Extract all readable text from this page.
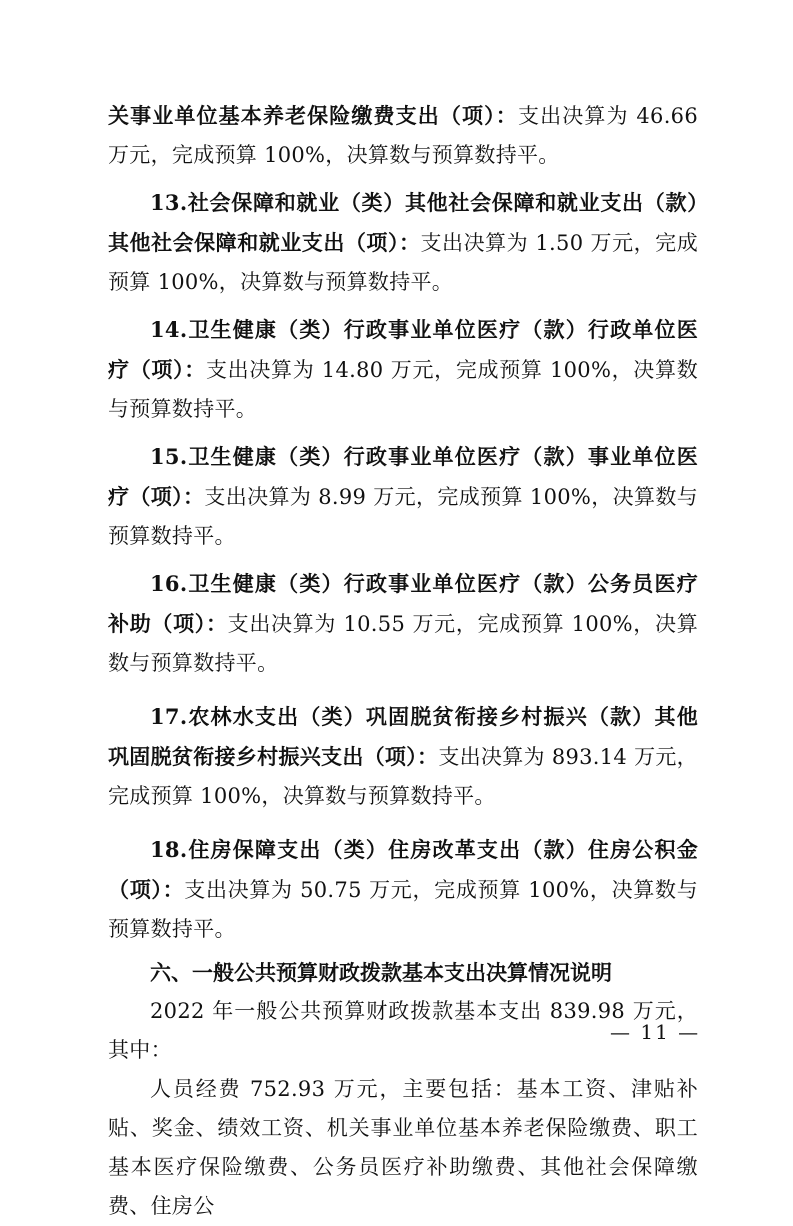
关事业单位基本养老保险缴费支出（项）：支出决算为 46.66 万元，完成预算 100%，决算数与预算数持平。

13.社会保障和就业（类）其他社会保障和就业支出（款）其他社会保障和就业支出（项）：支出决算为 1.50 万元，完成预算 100%，决算数与预算数持平。

14.卫生健康（类）行政事业单位医疗（款）行政单位医疗（项）：支出决算为 14.80 万元，完成预算 100%，决算数与预算数持平。

15.卫生健康（类）行政事业单位医疗（款）事业单位医疗（项）：支出决算为 8.99 万元，完成预算 100%，决算数与预算数持平。

16.卫生健康（类）行政事业单位医疗（款）公务员医疗补助（项）：支出决算为 10.55 万元，完成预算 100%，决算数与预算数持平。

17.农林水支出（类）巩固脱贫衔接乡村振兴（款）其他巩固脱贫衔接乡村振兴支出（项）：支出决算为 893.14 万元，完成预算 100%，决算数与预算数持平。

18.住房保障支出（类）住房改革支出（款）住房公积金（项）：支出决算为 50.75 万元，完成预算 100%，决算数与预算数持平。

六、一般公共预算财政拨款基本支出决算情况说明

2022 年一般公共预算财政拨款基本支出 839.98 万元，其中：

人员经费 752.93 万元，主要包括：基本工资、津贴补贴、奖金、绩效工资、机关事业单位基本养老保险缴费、职工基本医疗保险缴费、公务员医疗补助缴费、其他社会保障缴费、住房公

— 11 —
